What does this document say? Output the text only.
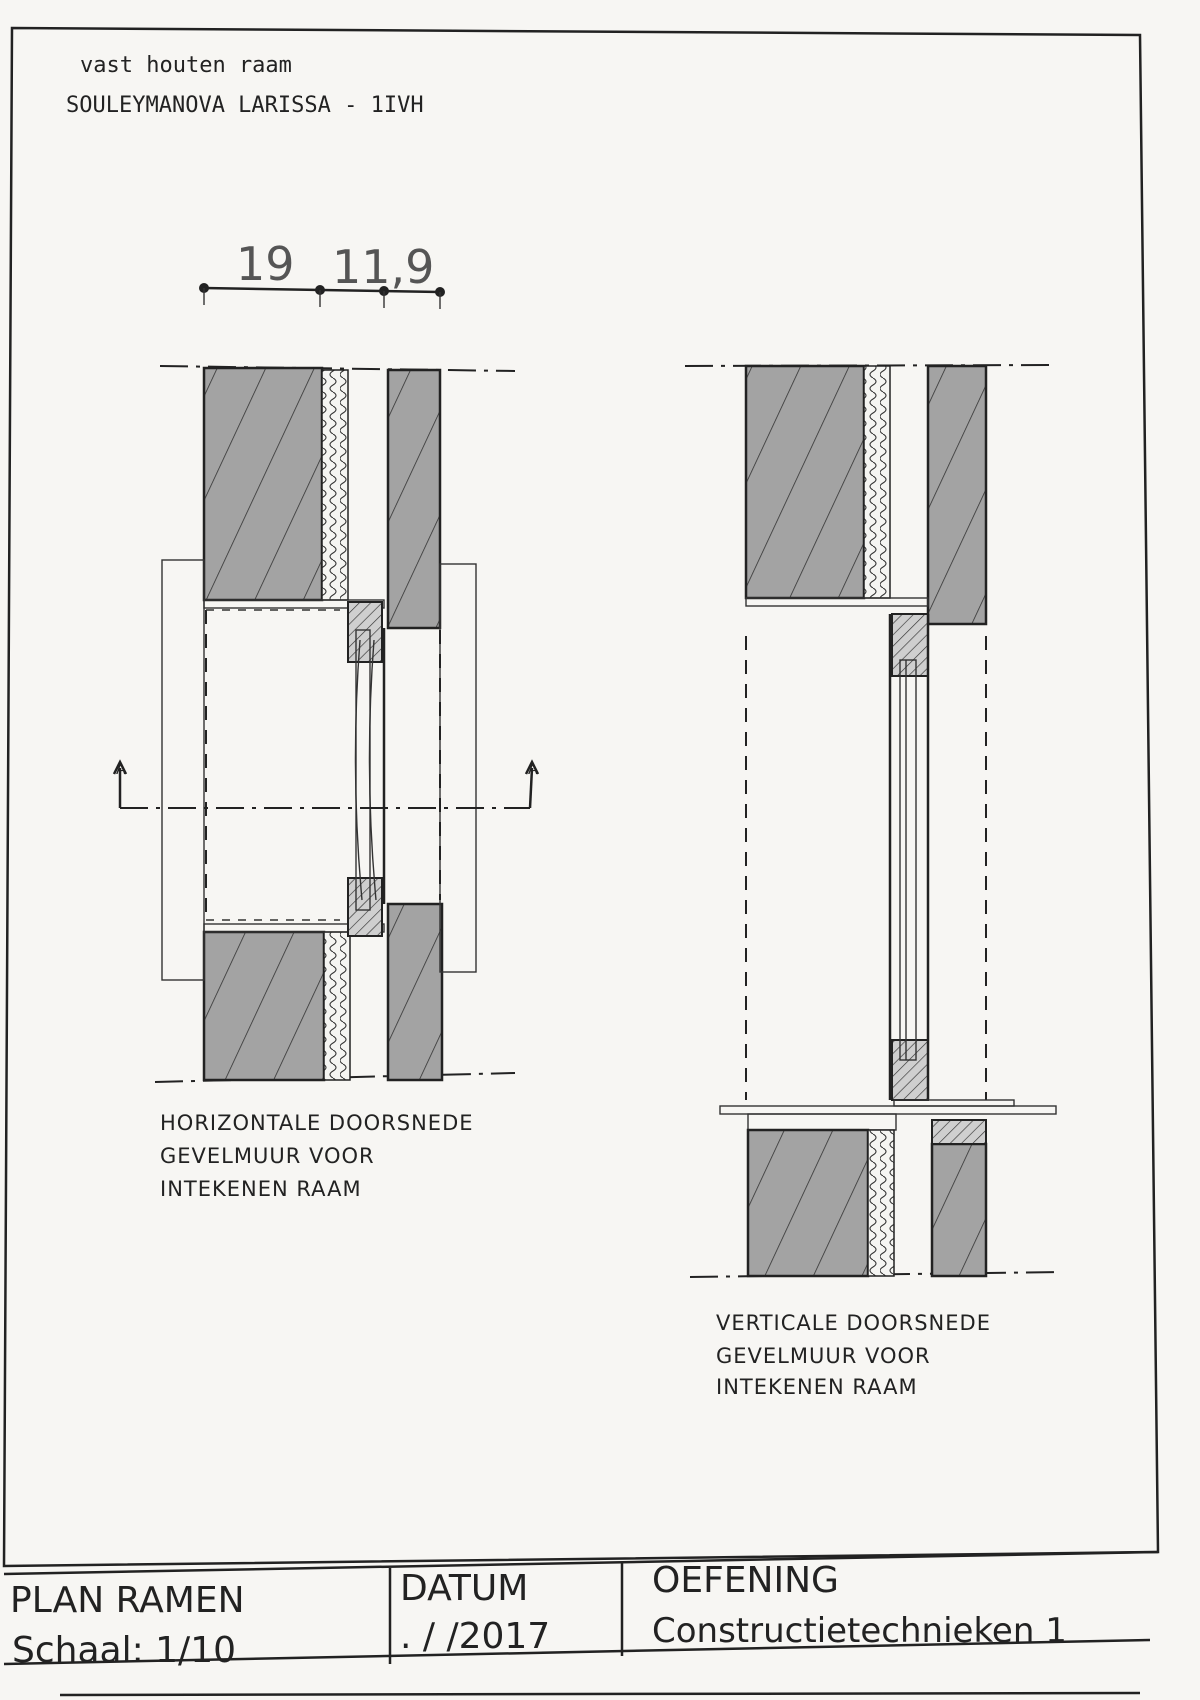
vast houten raam
SOULEYMANOVA LARISSA - 1IVH
19 11,9
A	A
HORIZONTALE DOORSNEDE
GEVELMUUR VOOR
INTEKENEN RAAM
VERTICALE DOORSNEDE
GEVELMUUR VOOR
INTEKENEN RAAM
PLAN RAMEN
Schaal: 1/10
DATUM
. / /2017
OEFENING
Constructietechnieken 1
